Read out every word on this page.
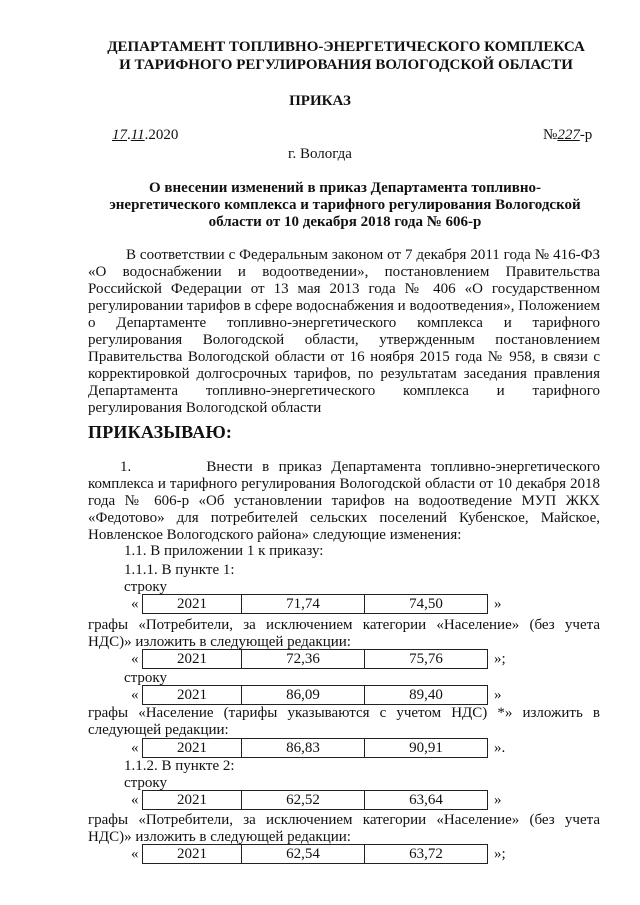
ДЕПАРТАМЕНТ ТОПЛИВНО-ЭНЕРГЕТИЧЕСКОГО КОМПЛЕКСА
И ТАРИФНОГО РЕГУЛИРОВАНИЯ ВОЛОГОДСКОЙ ОБЛАСТИ
ПРИКАЗ
17.11.2020	№227-р
г. Вологда
О внесении изменений в приказ Департамента топливно-
энергетического комплекса и тарифного регулирования Вологодской
области от 10 декабря 2018 года № 606-р
В соответствии с Федеральным законом от 7 декабря 2011 года № 416-ФЗ «О водоснабжении и водоотведении», постановлением Правительства Российской Федерации от 13 мая 2013 года № 406 «О государственном регулировании тарифов в сфере водоснабжения и водоотведения», Положением о Департаменте топливно-энергетического комплекса и тарифного регулирования Вологодской области, утвержденным постановлением Правительства Вологодской области от 16 ноября 2015 года № 958, в связи с корректировкой долгосрочных тарифов, по результатам заседания правления Департамента топливно-энергетического комплекса и тарифного регулирования Вологодской области
ПРИКАЗЫВАЮ:
1.        Внести в приказ Департамента топливно-энергетического комплекса и тарифного регулирования Вологодской области от 10 декабря 2018 года № 606-р «Об установлении тарифов на водоотведение МУП ЖКХ «Федотово» для потребителей сельских поселений Кубенское, Майское, Новленское Вологодского района» следующие изменения:
1.1. В приложении 1 к приказу:
1.1.1. В пункте 1:
строку
«	2021	71,74	74,50	»
графы «Потребители, за исключением категории «Население» (без учета НДС)» изложить в следующей редакции:
«	2021	72,36	75,76	»;
строку
«	2021	86,09	89,40	»
графы «Население (тарифы указываются с учетом НДС) *» изложить в следующей редакции:
«	2021	86,83	90,91	».
1.1.2. В пункте 2:
строку
«	2021	62,52	63,64	»
графы «Потребители, за исключением категории «Население» (без учета НДС)» изложить в следующей редакции:
«	2021	62,54	63,72	»;
